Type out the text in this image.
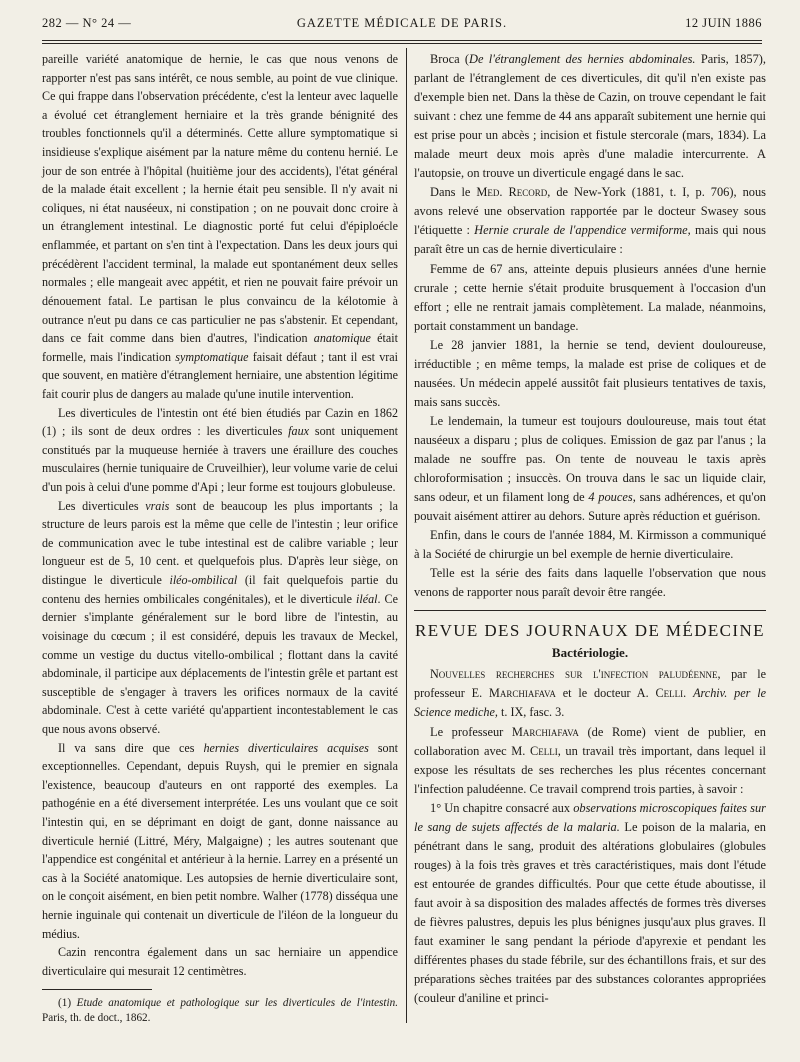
282 — N° 24 —	GAZETTE MÉDICALE DE PARIS.	12 JUIN 1886

pareille variété anatomique de hernie, le cas que nous venons de rapporter n'est pas sans intérêt, ce nous semble, au point de vue clinique. Ce qui frappe dans l'observation précédente, c'est la lenteur avec laquelle a évolué cet étranglement herniaire et la très grande bénignité des troubles fonctionnels qu'il a déterminés. Cette allure symptomatique si insidieuse s'explique aisément par la nature même du contenu hernié. Le jour de son entrée à l'hôpital (huitième jour des accidents), l'état général de la malade était excellent ; la hernie était peu sensible. Il n'y avait ni coliques, ni état nauséeux, ni constipation ; on ne pouvait donc croire à un étranglement intestinal. Le diagnostic porté fut celui d'épiploécle enflammée, et partant on s'en tint à l'expectation. Dans les deux jours qui précédèrent l'accident terminal, la malade eut spontanément deux selles normales ; elle mangeait avec appétit, et rien ne pouvait faire prévoir un dénouement fatal. Le partisan le plus convaincu de la kélotomie à outrance n'eut pu dans ce cas particulier ne pas s'abstenir. Et cependant, dans ce fait comme dans bien d'autres, l'indication anatomique était formelle, mais l'indication symptomatique faisait défaut ; tant il est vrai que souvent, en matière d'étranglement herniaire, une abstention légitime fait courir plus de dangers au malade qu'une inutile intervention.

Les diverticules de l'intestin ont été bien étudiés par Cazin en 1862 (1) ; ils sont de deux ordres : les diverticules faux sont uniquement constitués par la muqueuse herniée à travers une éraillure des couches musculaires (hernie tuniquaire de Cruveilhier), leur volume varie de celui d'un pois à celui d'une pomme d'Api ; leur forme est toujours globuleuse.

Les diverticules vrais sont de beaucoup les plus importants ; la structure de leurs parois est la même que celle de l'intestin ; leur orifice de communication avec le tube intestinal est de calibre variable ; leur longueur est de 5, 10 cent. et quelquefois plus. D'après leur siège, on distingue le diverticule iléo-ombilical (il fait quelquefois partie du contenu des hernies ombilicales congénitales), et le diverticule iléal. Ce dernier s'implante généralement sur le bord libre de l'intestin, au voisinage du cœcum ; il est considéré, depuis les travaux de Meckel, comme un vestige du ductus vitello-ombilical ; flottant dans la cavité abdominale, il participe aux déplacements de l'intestin grêle et partant est susceptible de s'engager à travers les orifices normaux de la cavité abdominale. C'est à cette variété qu'appartient incontestablement le cas que nous avons observé.

Il va sans dire que ces hernies diverticulaires acquises sont exceptionnelles. Cependant, depuis Ruysh, qui le premier en signala l'existence, beaucoup d'auteurs en ont rapporté des exemples. La pathogénie en a été diversement interprétée. Les uns voulant que ce soit l'intestin qui, en se déprimant en doigt de gant, donne naissance au diverticule hernié (Littré, Méry, Malgaigne) ; les autres soutenant que l'appendice est congénital et antérieur à la hernie. Larrey en a présenté un cas à la Société anatomique. Les autopsies de hernie diverticulaire sont, on le conçoit aisément, en bien petit nombre. Walher (1778) disséqua une hernie inguinale qui contenait un diverticule de l'iléon de la longueur du médius.

Cazin rencontra également dans un sac herniaire un appendice diverticulaire qui mesurait 12 centimètres.

(1) Etude anatomique et pathologique sur les diverticules de l'intestin. Paris, th. de doct., 1862.

Broca (De l'étranglement des hernies abdominales. Paris, 1857), parlant de l'étranglement de ces diverticules, dit qu'il n'en existe pas d'exemple bien net. Dans la thèse de Cazin, on trouve cependant le fait suivant : chez une femme de 44 ans apparaît subitement une hernie qui est prise pour un abcès ; incision et fistule stercorale (mars, 1834). La malade meurt deux mois après d'une maladie intercurrente. A l'autopsie, on trouve un diverticule engagé dans le sac.

Dans le Med. Record, de New-York (1881, t. I, p. 706), nous avons relevé une observation rapportée par le docteur Swasey sous l'étiquette : Hernie crurale de l'appendice vermiforme, mais qui nous paraît être un cas de hernie diverticulaire :

Femme de 67 ans, atteinte depuis plusieurs années d'une hernie crurale ; cette hernie s'était produite brusquement à l'occasion d'un effort ; elle ne rentrait jamais complètement. La malade, néanmoins, portait constamment un bandage.

Le 28 janvier 1881, la hernie se tend, devient douloureuse, irréductible ; en même temps, la malade est prise de coliques et de nausées. Un médecin appelé aussitôt fait plusieurs tentatives de taxis, mais sans succès.

Le lendemain, la tumeur est toujours douloureuse, mais tout état nauséeux a disparu ; plus de coliques. Emission de gaz par l'anus ; la malade ne souffre pas. On tente de nouveau le taxis après chloroformisation ; insuccès. On trouva dans le sac un liquide clair, sans odeur, et un filament long de 4 pouces, sans adhérences, et qu'on pouvait aisément attirer au dehors. Suture après réduction et guérison.

Enfin, dans le cours de l'année 1884, M. Kirmisson a communiqué à la Société de chirurgie un bel exemple de hernie diverticulaire.

Telle est la série des faits dans laquelle l'observation que nous venons de rapporter nous paraît devoir être rangée.

REVUE DES JOURNAUX DE MÉDECINE
Bactériologie.

Nouvelles recherches sur l'infection paludéenne, par le professeur E. Marchiafava et le docteur A. Celli. Archiv. per le Science mediche, t. IX, fasc. 3.

Le professeur Marchiafava (de Rome) vient de publier, en collaboration avec M. Celli, un travail très important, dans lequel il expose les résultats de ses recherches les plus récentes concernant l'infection paludéenne. Ce travail comprend trois parties, à savoir :

1° Un chapitre consacré aux observations microscopiques faites sur le sang de sujets affectés de la malaria. Le poison de la malaria, en pénétrant dans le sang, produit des altérations globulaires (globules rouges) à la fois très graves et très caractéristiques, mais dont l'étude est entourée de grandes difficultés. Pour que cette étude aboutisse, il faut avoir à sa disposition des malades affectés de formes très diverses de fièvres palustres, depuis les plus bénignes jusqu'aux plus graves. Il faut examiner le sang pendant la période d'apyrexie et pendant les différentes phases du stade fébrile, sur des échantillons frais, et sur des préparations sèches traitées par des substances colorantes appropriées (couleur d'aniline et princi-
